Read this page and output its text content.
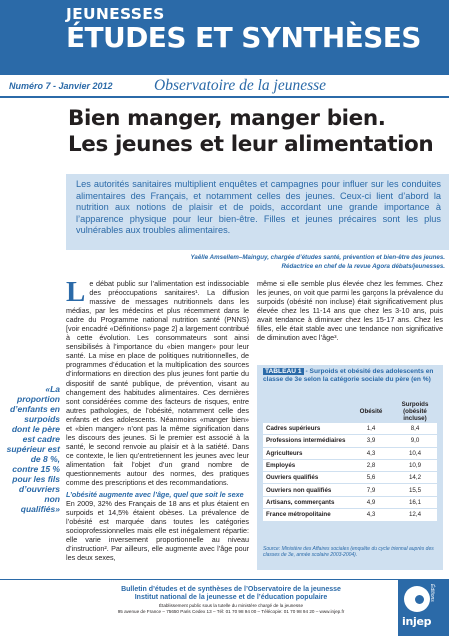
JEUNESSES
ÉTUDES ET SYNTHÈSES
Numéro 7 - Janvier 2012	Observatoire de la jeunesse
Bien manger, manger bien.
Les jeunes et leur alimentation

Les autorités sanitaires multiplient enquêtes et campagnes pour influer sur les conduites alimentaires des Français, et notamment celles des jeunes. Ceux-ci lient d’abord la nutrition aux notions de plaisir et de poids, accordant une grande importance à l’apparence physique pour leur bien-être. Filles et jeunes précaires sont les plus vulnérables aux troubles alimentaires.

Yaëlle Amsellem–Mainguy, chargée d’études santé, prévention et bien-être des jeunes.
Rédactrice en chef de la revue Agora débats/jeunesses.
«La proportion d’enfants en surpoids dont le père est cadre supérieur est de 8 %, contre 15 % pour les fils d’ouvriers non qualifiés»
L e débat public sur l’alimentation est indissociable des préoccupations sanitaires¹. La diffusion massive de messages nutritionnels dans les médias, par les médecins et plus récemment dans le cadre du Programme national nutrition santé (PNNS) [voir encadré «Définitions» page 2] a largement contribué à cette évolution. Les consommateurs sont ainsi sensibilisés à l’importance du «bien manger» pour leur santé. La mise en place de politiques nutritionnelles, de programmes d’éducation et la multiplication des sources d’informations en direction des plus jeunes font partie du dispositif de santé publique, de prévention, visant au changement des habitudes alimentaires. Ces dernières sont considérées comme des facteurs de risques, entre autres pathologies, de l’obésité, notamment celle des enfants et des adolescents. Néanmoins «manger bien» et «bien manger» n’ont pas la même signification dans les discours des jeunes. Si le premier est associé à la santé, le second renvoie au plaisir et à la satiété. Dans ce contexte, le lien qu’entretiennent les jeunes avec leur alimentation fait l’objet d’un grand nombre de questionnements autour des normes, des pratiques comme des prescriptions et des recommandations.

L’obésité augmente avec l’âge, quel que soit le sexe

En 2009, 32% des Français de 18 ans et plus étaient en surpoids et 14,5% étaient obèses. La prévalence de l’obésité est marquée dans toutes les catégories socioprofessionnelles mais elle est inégalement répartie: elle varie inversement proportionnelle au niveau d’instruction². Par ailleurs, elle augmente avec l’âge pour les deux sexes,

même si elle semble plus élevée chez les femmes. Chez les jeunes, on voit que parmi les garçons la prévalence du surpoids (obésité non incluse) était significativement plus élevée chez les 11-14 ans que chez les 3-10 ans, puis avait tendance à diminuer chez les 15-17 ans. Chez les filles, elle était stable avec une tendance non significative de diminution avec l’âge³.

TABLEAU 1 - Surpoids et obésité des adolescents en classe de 3e selon la catégorie sociale du père (en %)
	Obésité	Surpoids (obésité incluse)
Cadres supérieurs	1,4	8,4
Professions intermédiaires	3,9	9,0
Agriculteurs	4,3	10,4
Employés	2,8	10,9
Ouvriers qualifiés	5,6	14,2
Ouvriers non qualifiés	7,9	15,5
Artisans, commerçants	4,9	16,1
France métropolitaine	4,3	12,4
Source: Ministère des Affaires sociales (enquête du cycle triennal auprès des classes de 3e, année scolaire 2003-2004).
Bulletin d’études et de synthèses de l’Observatoire de la jeunesse
Institut national de la jeunesse et de l’éducation populaire
Établissement public sous la tutelle du ministère chargé de la jeunesse
95 avenue de France – 75650 Paris Cedex 13 – Tél: 01 70 98 94 00 – Télécopie: 01 70 98 94 20 – www.injep.fr
injep
Éditions
